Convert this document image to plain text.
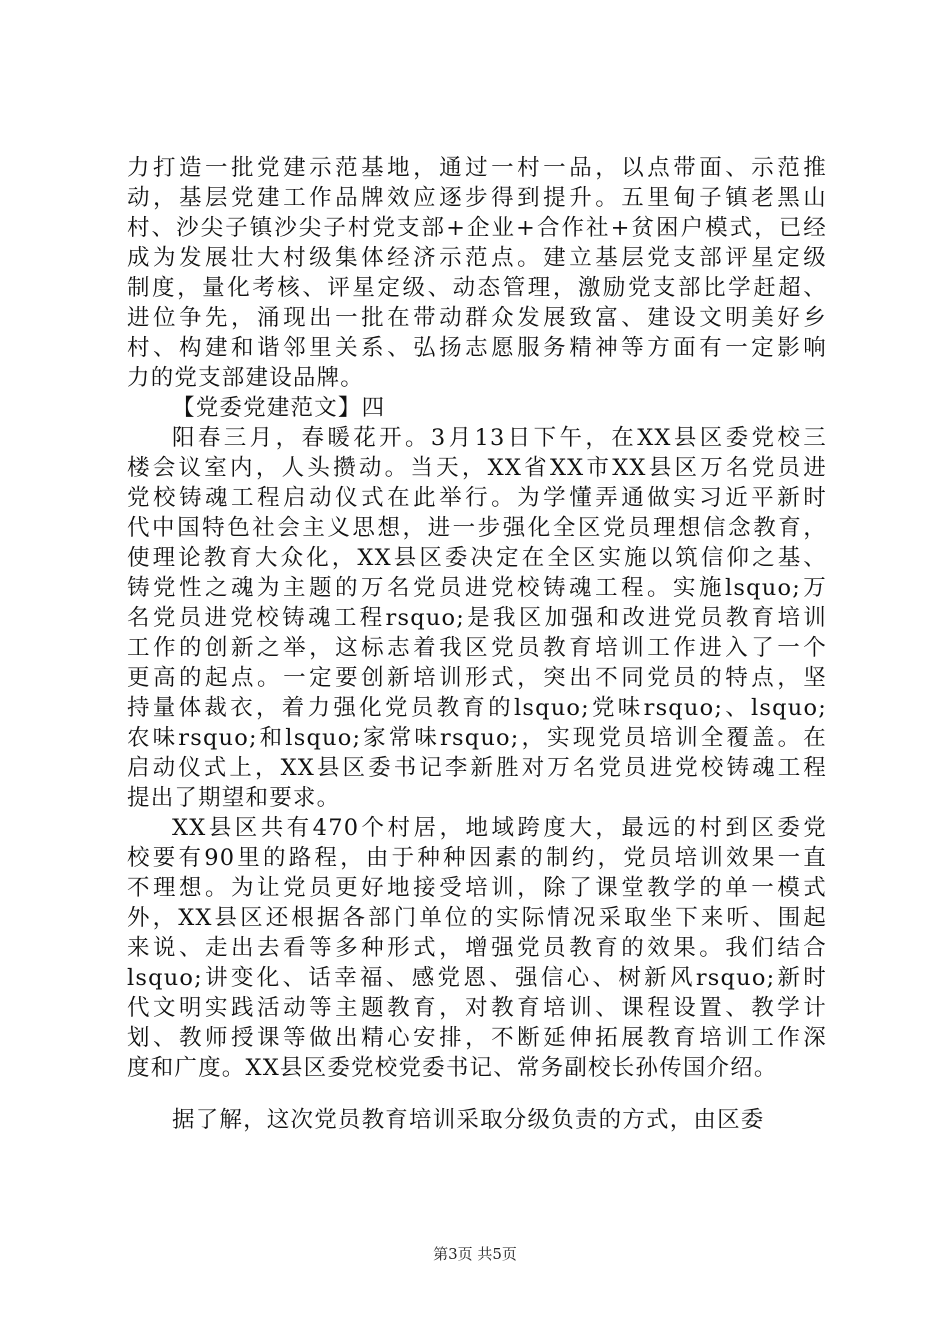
力打造一批党建示范基地，通过一村一品，以点带面、示范推
动，基层党建工作品牌效应逐步得到提升。五里甸子镇老黑山
村、沙尖子镇沙尖子村党支部+企业+合作社+贫困户模式，已经
成为发展壮大村级集体经济示范点。建立基层党支部评星定级
制度，量化考核、评星定级、动态管理，激励党支部比学赶超、
进位争先，涌现出一批在带动群众发展致富、建设文明美好乡
村、构建和谐邻里关系、弘扬志愿服务精神等方面有一定影响
力的党支部建设品牌。
【党委党建范文】四
阳春三月，春暖花开。3月13日下午，在XX县区委党校三
楼会议室内，人头攒动。当天，XX省XX市XX县区万名党员进
党校铸魂工程启动仪式在此举行。为学懂弄通做实习近平新时
代中国特色社会主义思想，进一步强化全区党员理想信念教育，
使理论教育大众化，XX县区委决定在全区实施以筑信仰之基、
铸党性之魂为主题的万名党员进党校铸魂工程。实施lsquo;万
名党员进党校铸魂工程rsquo;是我区加强和改进党员教育培训
工作的创新之举，这标志着我区党员教育培训工作进入了一个
更高的起点。一定要创新培训形式，突出不同党员的特点，坚
持量体裁衣，着力强化党员教育的lsquo;党味rsquo;、lsquo;
农味rsquo;和lsquo;家常味rsquo;，实现党员培训全覆盖。在
启动仪式上，XX县区委书记李新胜对万名党员进党校铸魂工程
提出了期望和要求。
XX县区共有470个村居，地域跨度大，最远的村到区委党
校要有90里的路程，由于种种因素的制约，党员培训效果一直
不理想。为让党员更好地接受培训，除了课堂教学的单一模式
外，XX县区还根据各部门单位的实际情况采取坐下来听、围起
来说、走出去看等多种形式，增强党员教育的效果。我们结合
lsquo;讲变化、话幸福、感党恩、强信心、树新风rsquo;新时
代文明实践活动等主题教育，对教育培训、课程设置、教学计
划、教师授课等做出精心安排，不断延伸拓展教育培训工作深
度和广度。XX县区委党校党委书记、常务副校长孙传国介绍。
据了解，这次党员教育培训采取分级负责的方式，由区委
第3页 共5页
